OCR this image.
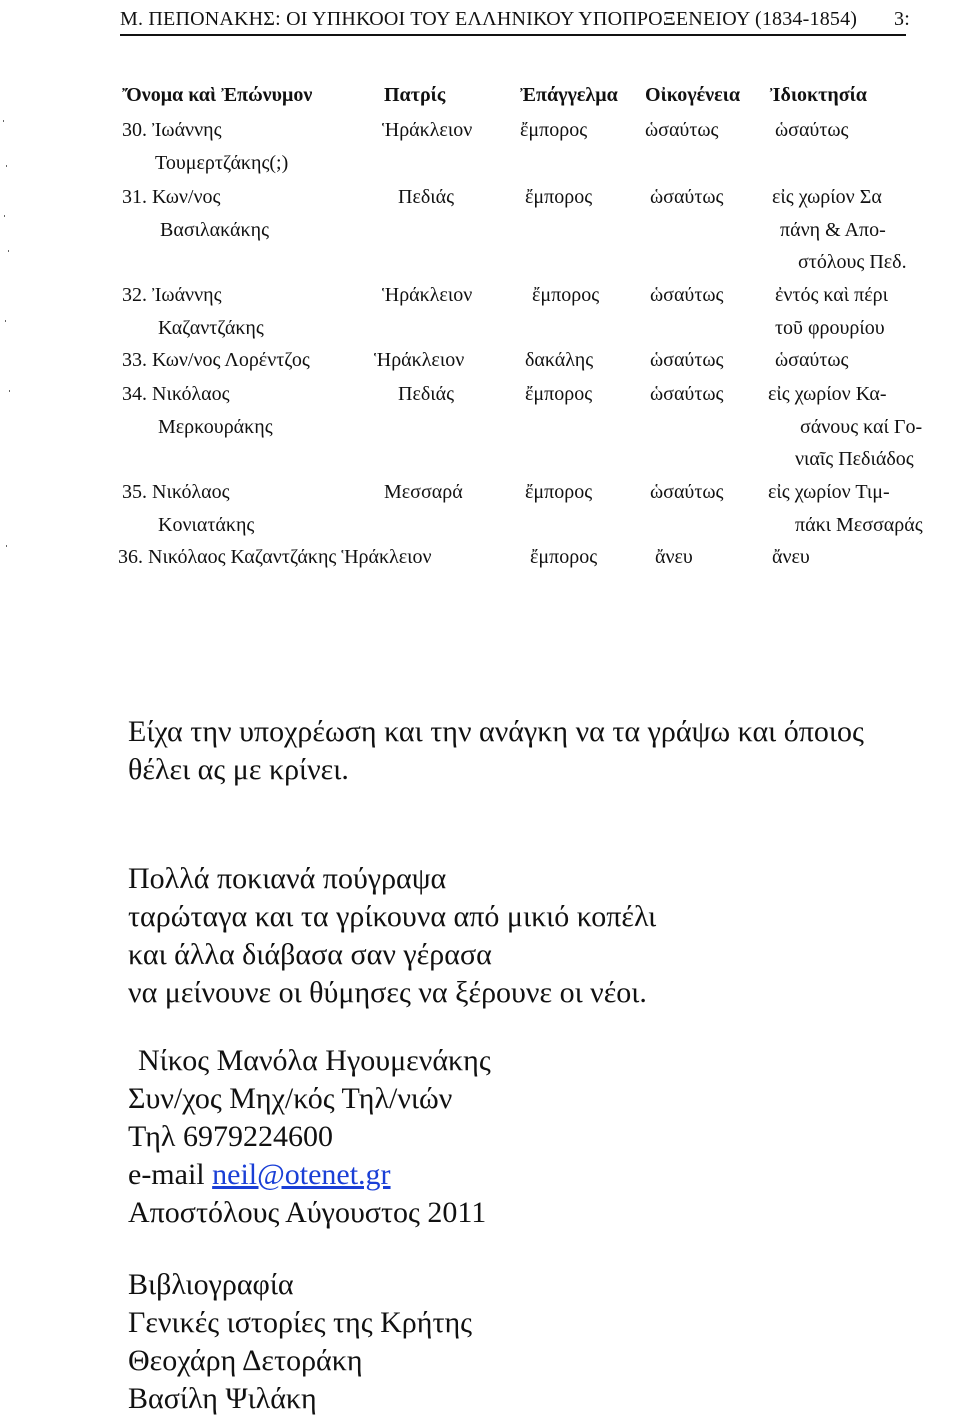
Μ. ΠΕΠΟΝΑΚΗΣ: ΟΙ ΥΠΗΚΟΟΙ ΤΟΥ ΕΛΛΗΝΙΚΟΥ ΥΠΟΠΡΟΞΕΝΕΙΟΥ (1834-1854) 3:
Ὄνομα καὶ Ἐπώνυμον	Πατρίς	Ἐπάγγελμα Οἰκογένεια Ἰδιοκτησία
30. Ἰωάννης
Τουμερτζάκης(;)
Ἡράκλειον ἔμπορος	ὡσαύτως	ὡσαύτως
31. Κων/νος
Βασιλακάκης
Πεδιάς	ἔμπορος	ὡσαύτως εἰς χωρίον Σα
πάνη & Απο-
στόλους Πεδ.
32. Ἰωάννης
Καζαντζάκης
Ἡράκλειον	ἔμπορος	ὡσαύτως	ἐντός καὶ πέρι
τοῦ φρουρίου
33. Κων/νος Λορέντζος	Ἡράκλειον	δακάλης	ὡσαύτως	ὡσαύτως
34. Νικόλαος
Μερκουράκης
Πεδιάς	ἔμπορος	ὡσαύτως εἰς χωρίον Κα-
σάνους καί Γο-
νιαῖς Πεδιάδος
35. Νικόλαος
Κονιατάκης
Μεσσαρά	ἔμπορος	ὡσαύτως εἰς χωρίον Τιμ-
πάκι Μεσσαράς
36. Νικόλαος Καζαντζάκης Ἡράκλειον	ἔμπορος	ἄνευ	ἄνευ
Είχα την υποχρέωση και την ανάγκη να τα γράψω και όποιος
θέλει ας με κρίνει.
Πολλά ποκιανά πούγραψα
ταρώταγα και τα γρίκουνα από μικιό κοπέλι
και άλλα διάβασα σαν γέρασα
να μείνουνε οι θύμησες να ξέρουνε οι νέοι.
Νίκος Μανόλα Ηγουμενάκης
Συν/χος Μηχ/κός Τηλ/νιών
Τηλ 6979224600
e-mail neil@otenet.gr
Αποστόλους Αύγουστος 2011
Βιβλιογραφία
Γενικές ιστορίες της Κρήτης
Θεοχάρη Δετοράκη
Βασίλη Ψιλάκη
